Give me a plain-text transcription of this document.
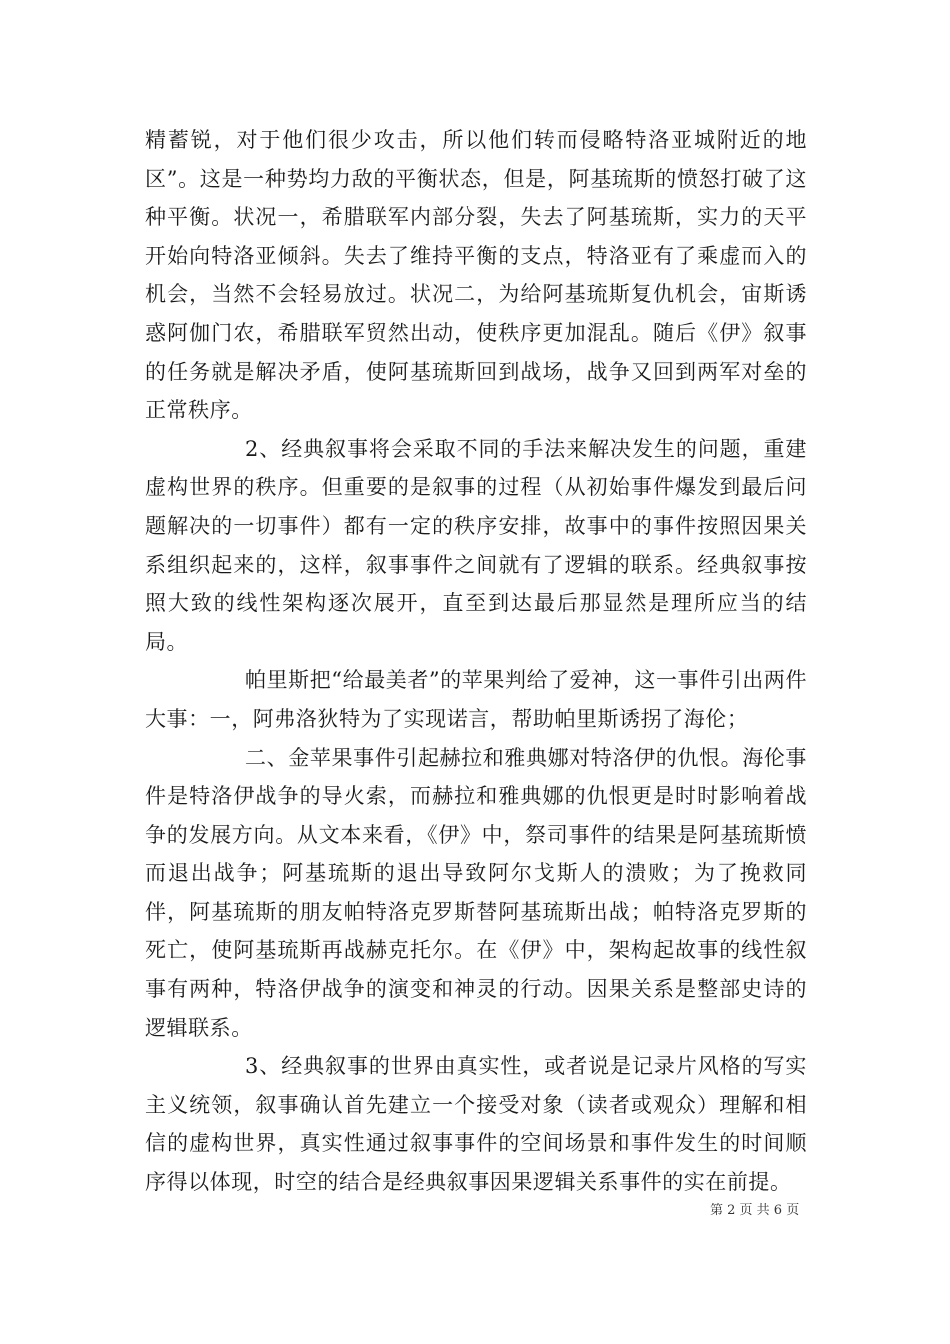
精蓄锐，对于他们很少攻击，所以他们转而侵略特洛亚城附近的地区”。这是一种势均力敌的平衡状态，但是，阿基琉斯的愤怒打破了这种平衡。状况一，希腊联军内部分裂，失去了阿基琉斯，实力的天平开始向特洛亚倾斜。失去了维持平衡的支点，特洛亚有了乘虚而入的机会，当然不会轻易放过。状况二，为给阿基琉斯复仇机会，宙斯诱惑阿伽门农，希腊联军贸然出动，使秩序更加混乱。随后《伊》叙事的任务就是解决矛盾，使阿基琉斯回到战场，战争又回到两军对垒的正常秩序。

2、经典叙事将会采取不同的手法来解决发生的问题，重建虚构世界的秩序。但重要的是叙事的过程（从初始事件爆发到最后问题解决的一切事件）都有一定的秩序安排，故事中的事件按照因果关系组织起来的，这样，叙事事件之间就有了逻辑的联系。经典叙事按照大致的线性架构逐次展开，直至到达最后那显然是理所应当的结局。

帕里斯把“给最美者”的苹果判给了爱神，这一事件引出两件大事：一，阿弗洛狄特为了实现诺言，帮助帕里斯诱拐了海伦；

二、金苹果事件引起赫拉和雅典娜对特洛伊的仇恨。海伦事件是特洛伊战争的导火索，而赫拉和雅典娜的仇恨更是时时影响着战争的发展方向。从文本来看，《伊》中，祭司事件的结果是阿基琉斯愤而退出战争；阿基琉斯的退出导致阿尔戈斯人的溃败；为了挽救同伴，阿基琉斯的朋友帕特洛克罗斯替阿基琉斯出战；帕特洛克罗斯的死亡，使阿基琉斯再战赫克托尔。在《伊》中，架构起故事的线性叙事有两种，特洛伊战争的演变和神灵的行动。因果关系是整部史诗的逻辑联系。

3、经典叙事的世界由真实性，或者说是记录片风格的写实主义统领，叙事确认首先建立一个接受对象（读者或观众）理解和相信的虚构世界，真实性通过叙事事件的空间场景和事件发生的时间顺序得以体现，时空的结合是经典叙事因果逻辑关系事件的实在前提。

第 2 页 共 6 页
